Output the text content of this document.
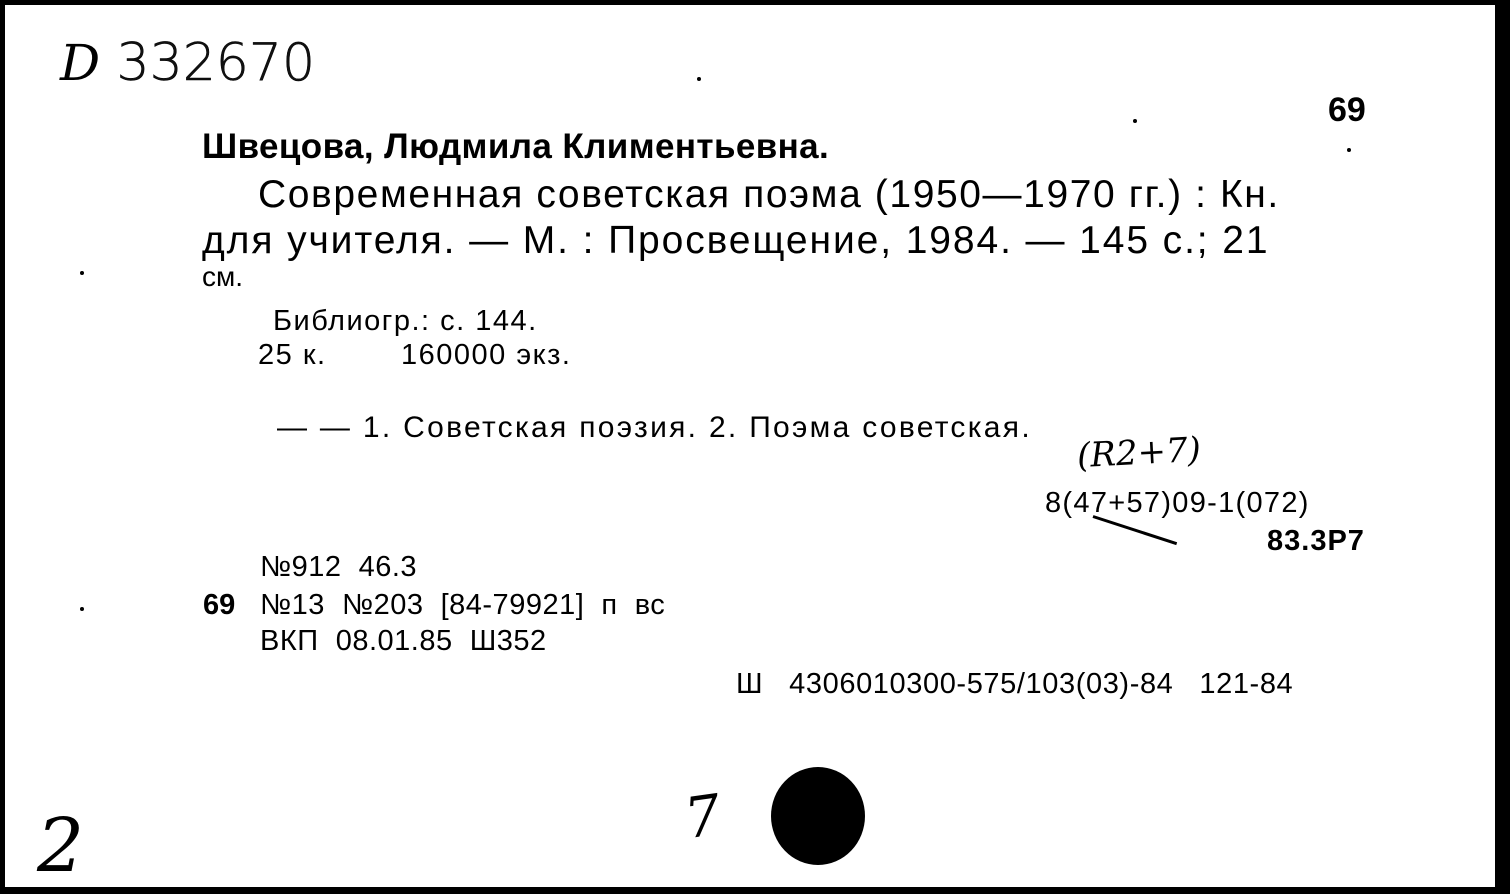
D 332670
69
Швецова, Людмила Климентьевна.
Современная советская поэма (1950—1970 гг.) : Кн.
для учителя. — М. : Просвещение, 1984. — 145 с.; 21
см.
Библиогр.: с. 144.
25 к.	160000 экз.
— — 1. Советская поэзия. 2. Поэма советская.
(R2+7)
8(47+57)09-1(072)
83.3Р7
№912  46.3
69 №13  №203  [84-79921]  п  вс
ВКП  08.01.85  Ш352
Ш   4306010300-575/103(03)-84   121-84
2	7
